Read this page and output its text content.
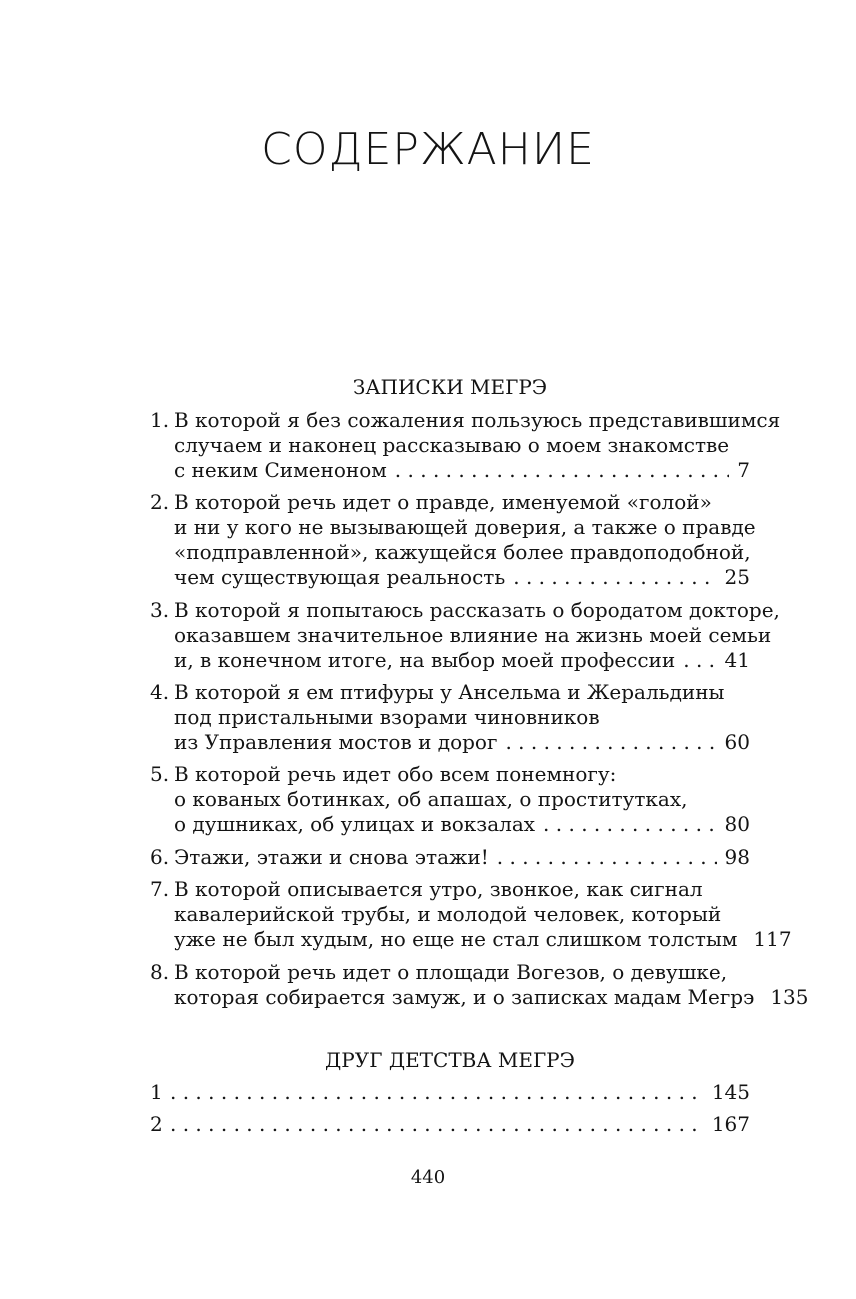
СОДЕРЖАНИЕ
ЗАПИСКИ МЕГРЭ
1. В которой я без сожаления пользуюсь представившимся
случаем и наконец рассказываю о моем знакомстве
с неким Сименоном . . .	7
2. В которой речь идет о правде, именуемой «голой»
и ни у кого не вызывающей доверия, а также о правде
«подправленной», кажущейся более правдоподобной,
чем существующая реальность . . .	25
3. В которой я попытаюсь рассказать о бородатом докторе,
оказавшем значительное влияние на жизнь моей семьи
и, в конечном итоге, на выбор моей профессии . . . 41
4. В которой я ем птифуры у Ансельма и Жеральдины
под пристальными взорами чиновников
из Управления мостов и дорог . . .	60
5. В которой речь идет обо всем понемногу:
о кованых ботинках, об апашах, о проститутках,
о душниках, об улицах и вокзалах . . .	80
6. Этажи, этажи и снова этажи! . . .	98
7. В которой описывается утро, звонкое, как сигнал
кавалерийской трубы, и молодой человек, который
уже не был худым, но еще не стал слишком толстым 117
8. В которой речь идет о площади Вогезов, о девушке,
которая собирается замуж, и о записках мадам Мегрэ 135
ДРУГ ДЕТСТВА МЕГРЭ
1 . . .	145
2 . . .	167
440
